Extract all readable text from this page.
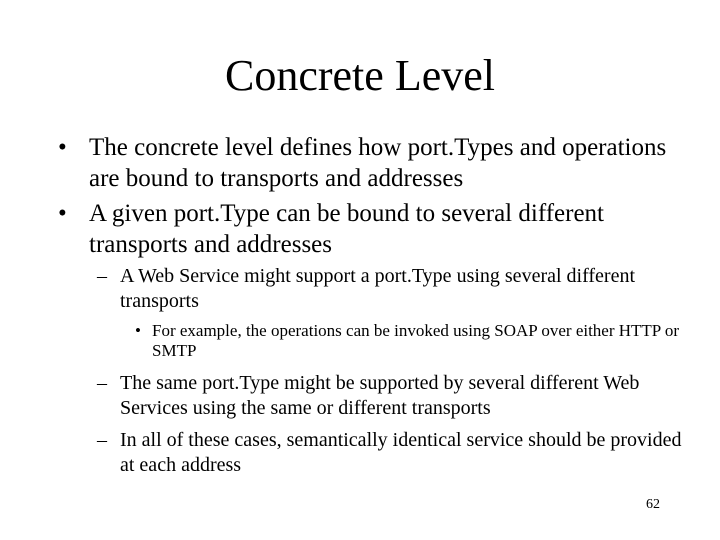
Concrete Level
• The concrete level defines how port.Types and operations are bound to transports and addresses
• A given port.Type can be bound to several different transports and addresses
– A Web Service might support a port.Type using several different transports
• For example, the operations can be invoked using SOAP over either HTTP or SMTP
– The same port.Type might be supported by several different Web Services using the same or different transports
– In all of these cases, semantically identical service should be provided at each address
62
